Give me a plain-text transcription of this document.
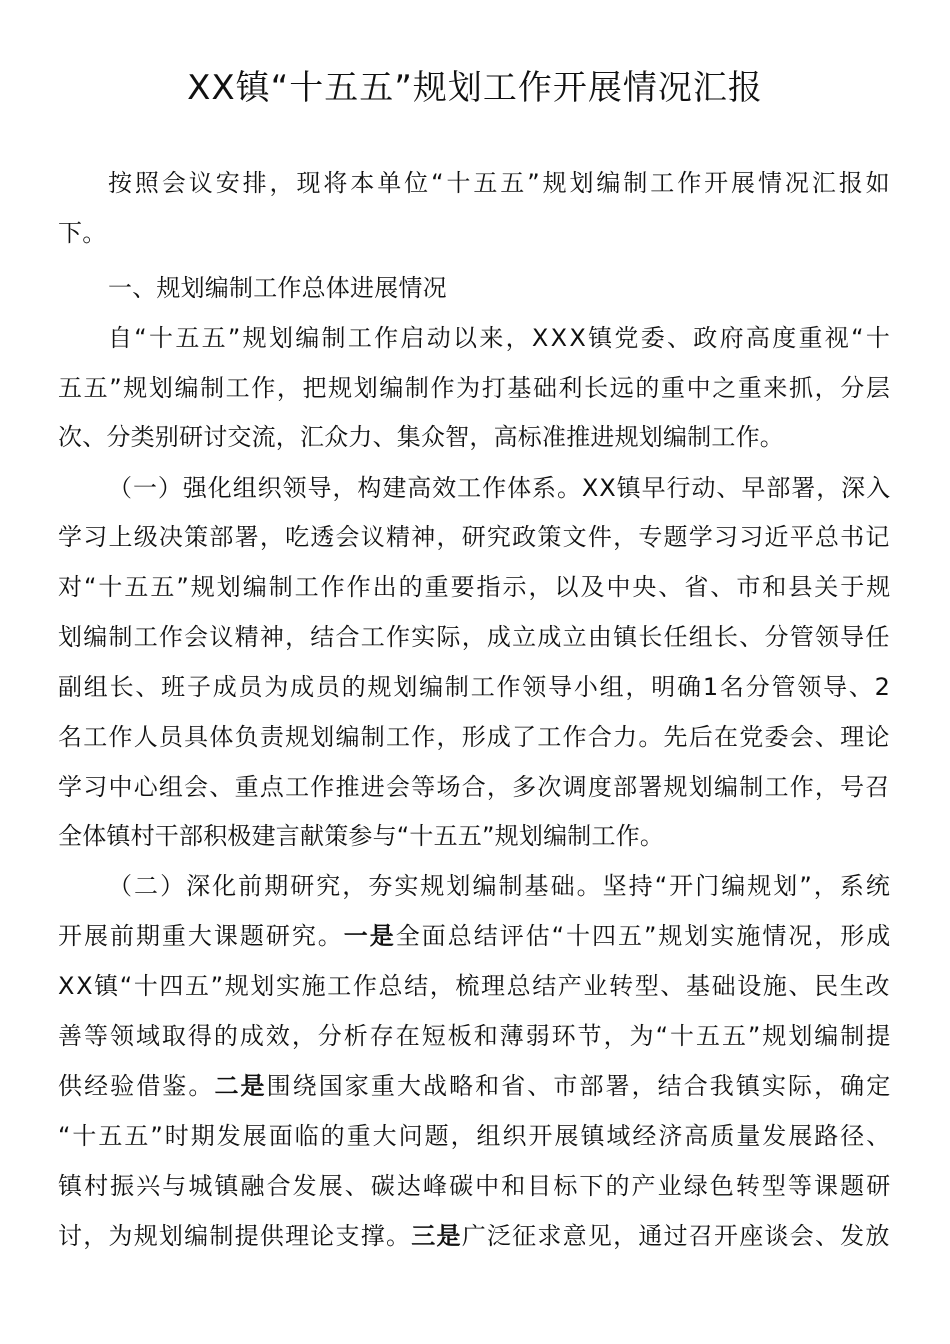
XX镇“十五五”规划工作开展情况汇报
按照会议安排，现将本单位“十五五”规划编制工作开展情况汇报如
下。
一、规划编制工作总体进展情况
自“十五五”规划编制工作启动以来，XXX镇党委、政府高度重视“十
五五”规划编制工作，把规划编制作为打基础利长远的重中之重来抓，分层
次、分类别研讨交流，汇众力、集众智，高标准推进规划编制工作。
（一）强化组织领导，构建高效工作体系。XX镇早行动、早部署，深入
学习上级决策部署，吃透会议精神，研究政策文件，专题学习习近平总书记
对“十五五”规划编制工作作出的重要指示，以及中央、省、市和县关于规
划编制工作会议精神，结合工作实际，成立成立由镇长任组长、分管领导任
副组长、班子成员为成员的规划编制工作领导小组，明确1名分管领导、2
名工作人员具体负责规划编制工作，形成了工作合力。先后在党委会、理论
学习中心组会、重点工作推进会等场合，多次调度部署规划编制工作，号召
全体镇村干部积极建言献策参与“十五五”规划编制工作。
（二）深化前期研究，夯实规划编制基础。坚持“开门编规划”，系统
开展前期重大课题研究。一是全面总结评估“十四五”规划实施情况，形成
XX镇“十四五”规划实施工作总结，梳理总结产业转型、基础设施、民生改
善等领域取得的成效，分析存在短板和薄弱环节，为“十五五”规划编制提
供经验借鉴。二是围绕国家重大战略和省、市部署，结合我镇实际，确定
“十五五”时期发展面临的重大问题，组织开展镇域经济高质量发展路径、
镇村振兴与城镇融合发展、碳达峰碳中和目标下的产业绿色转型等课题研
讨，为规划编制提供理论支撑。三是广泛征求意见，通过召开座谈会、发放
